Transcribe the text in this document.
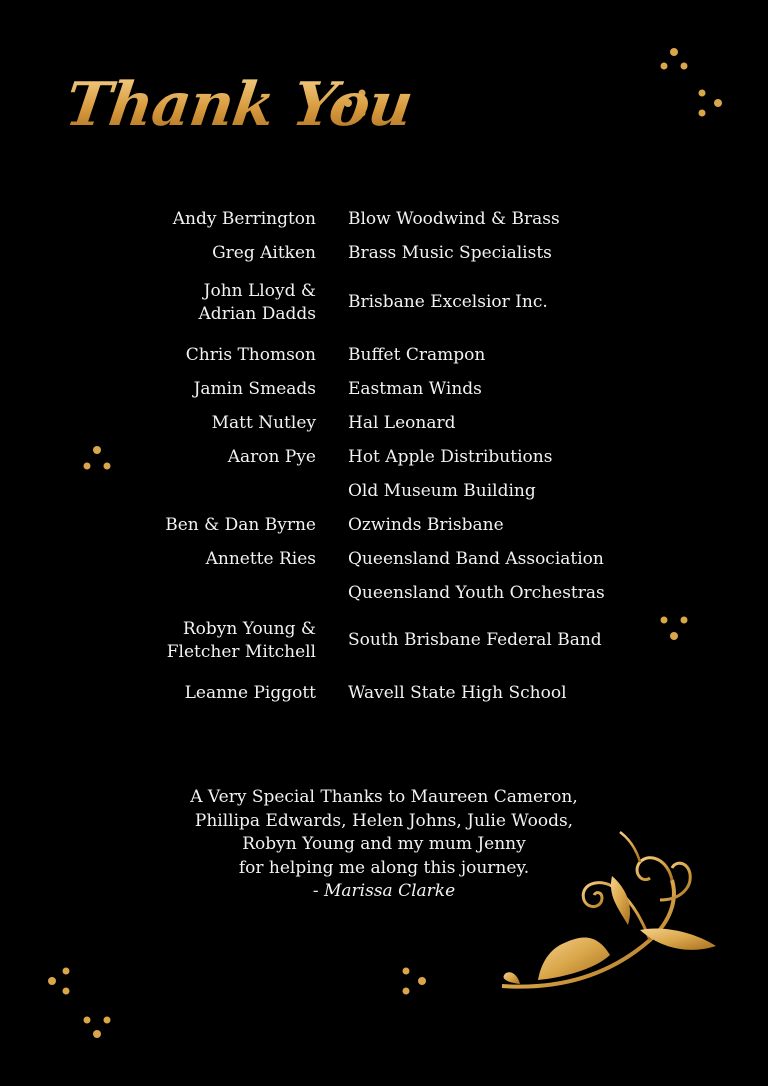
Thank You
Andy Berrington Blow Woodwind & Brass
Greg Aitken Brass Music Specialists
John Lloyd &
Adrian Dadds
Brisbane Excelsior Inc.
Chris Thomson Buffet Crampon
Jamin Smeads Eastman Winds
Matt Nutley Hal Leonard
Aaron Pye Hot Apple Distributions
Old Museum Building
Ben & Dan Byrne Ozwinds Brisbane
Annette Ries Queensland Band Association
Queensland Youth Orchestras
Robyn Young &
Fletcher Mitchell
South Brisbane Federal Band
Leanne Piggott Wavell State High School
A Very Special Thanks to Maureen Cameron,
Phillipa Edwards, Helen Johns, Julie Woods,
Robyn Young and my mum Jenny
for helping me along this journey.
- Marissa Clarke
